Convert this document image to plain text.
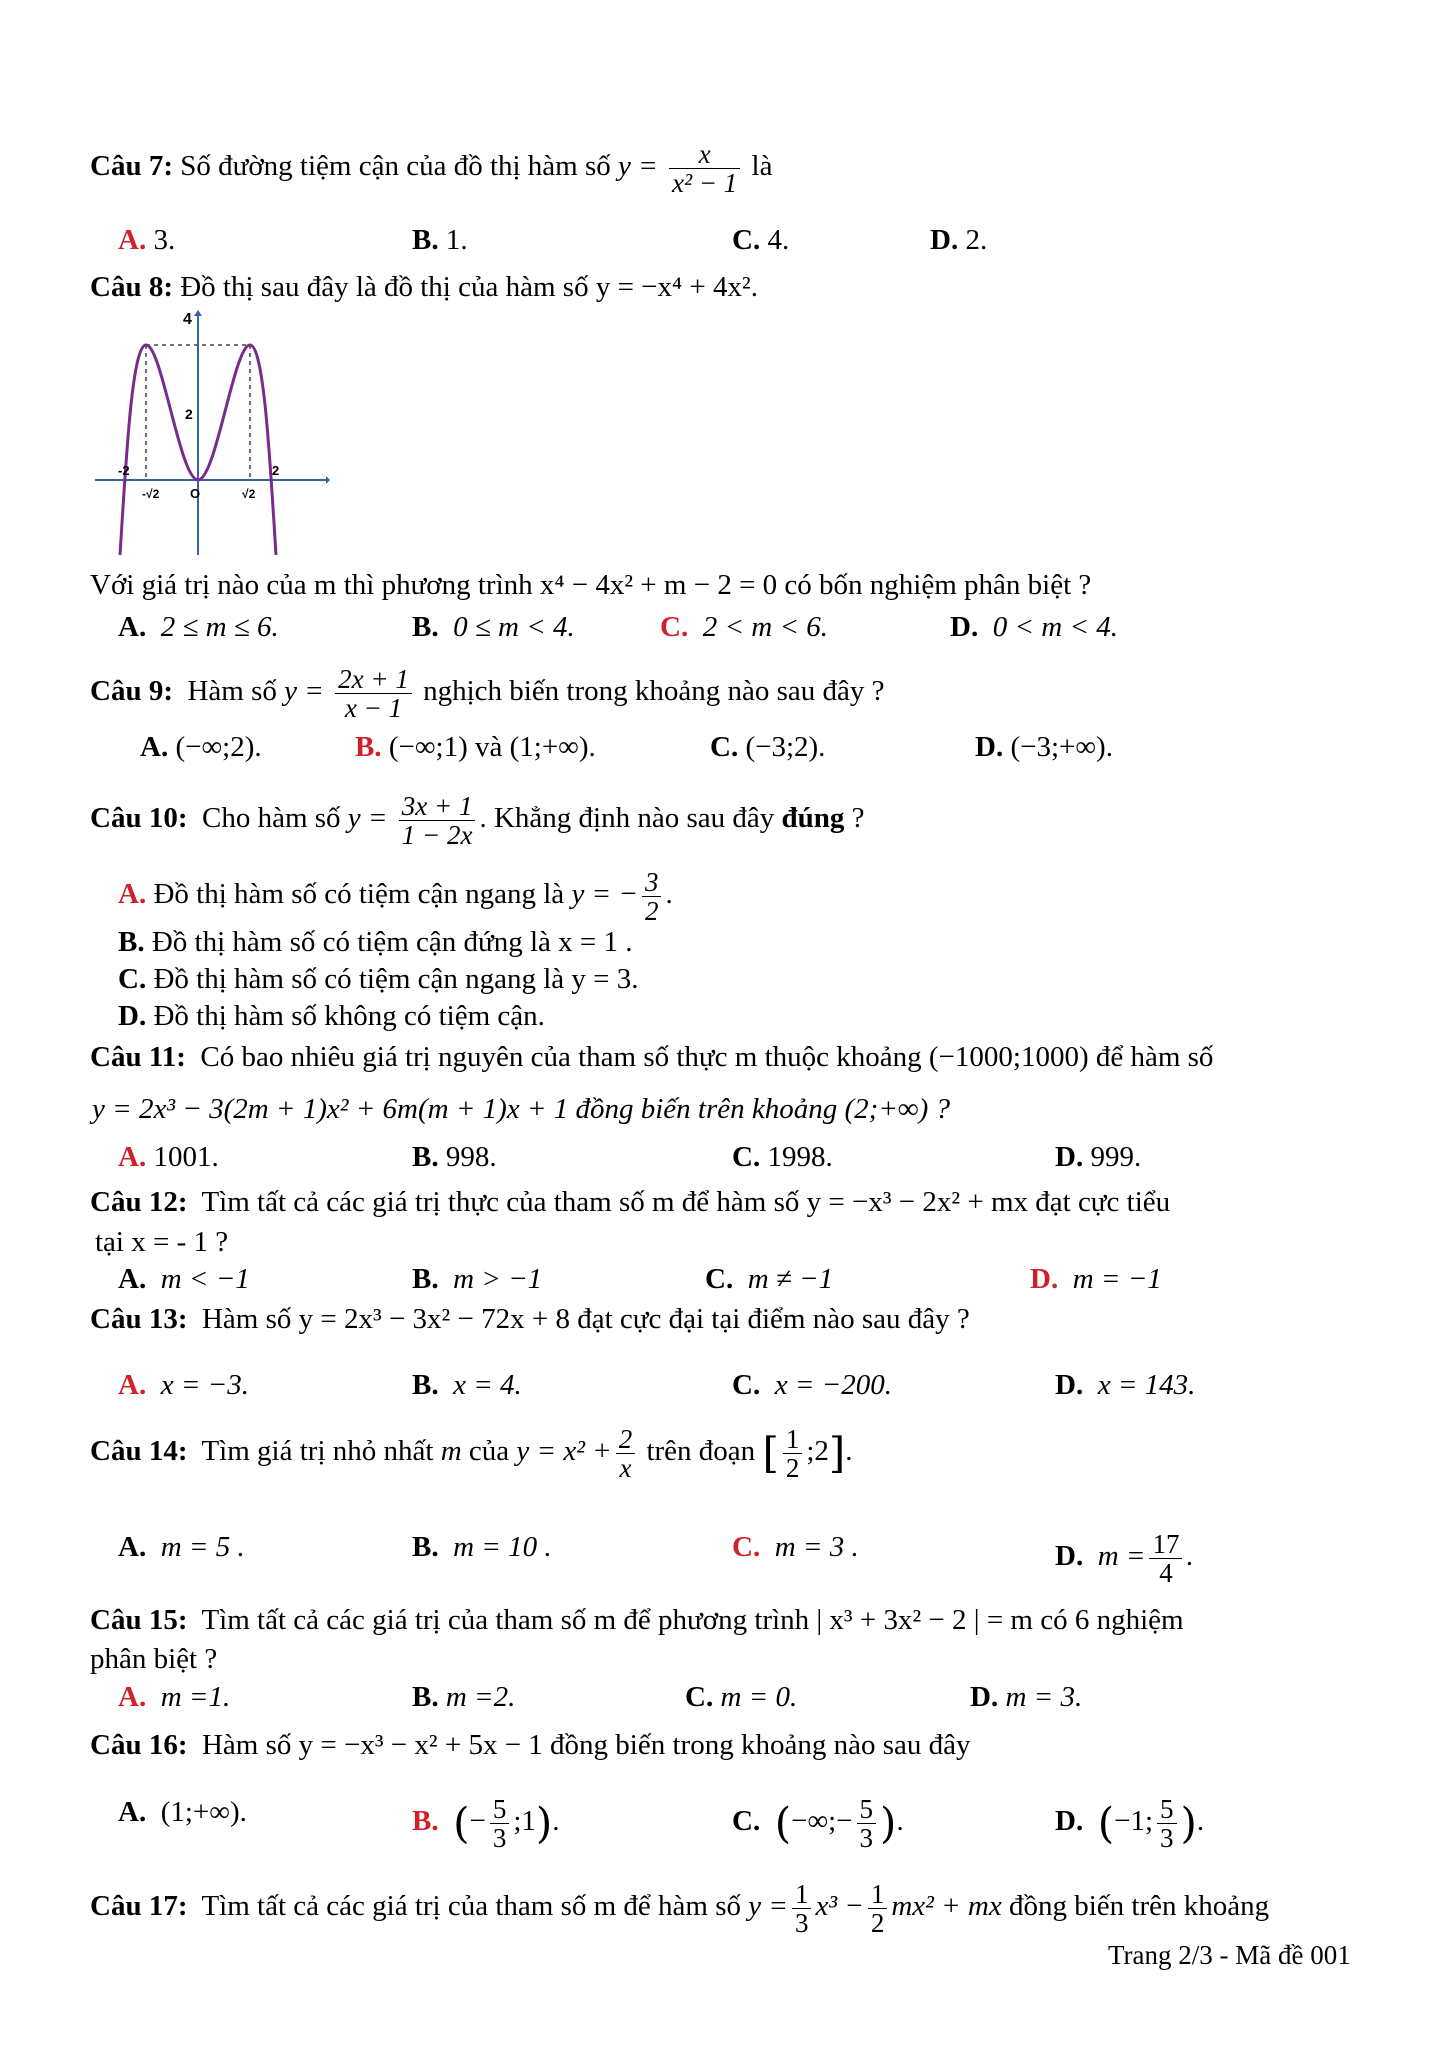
Câu 7: Số đường tiệm cận của đồ thị hàm số $y = \frac{x}{\text{x² − 1}}$ là
A. 3.	B. 1.	C. 4.	D. 2.
Câu 8: Đồ thị sau đây là đồ thị của hàm số y = −x⁴ + 4x².
4
2
-2	2
O
-√2	√2
Với giá trị nào của m thì phương trình x⁴ − 4x² + m − 2 = 0 có bốn nghiệm phân biệt ?
A. 2 ≤ m ≤ 6.	B. 0 ≤ m < 4.	C. 2 < m < 6.	D. 0 < m < 4.
Câu 9: Hàm số $y = \frac{2x + 1}{x - 1}$ nghịch biến trong khoảng nào sau đây ?
A. (−∞;2).	B. (−∞;1) và (1;+∞).	C. (−3;2).	D. (−3;+∞).
Câu 10: Cho hàm số $y = \frac{3x + 1}{1 - 2x}$ . Khẳng định nào sau đây đúng ?
A. Đồ thị hàm số có tiệm cận ngang là y = − $\frac{3}{2}$ .
B. Đồ thị hàm số có tiệm cận đứng là x = 1 .
C. Đồ thị hàm số có tiệm cận ngang là y = 3.
D. Đồ thị hàm số không có tiệm cận.
Câu 11: Có bao nhiêu giá trị nguyên của tham số thực m thuộc khoảng (−1000;1000) để hàm số
y = 2x³ − 3(2m + 1)x² + 6m(m + 1)x + 1 đồng biến trên khoảng (2;+∞) ?
A. 1001.	B. 998.	C. 1998.	D. 999.
Câu 12: Tìm tất cả các giá trị thực của tham số m để hàm số y = −x³ − 2x² + mx đạt cực tiểu
tại x = - 1 ?
A. m < −1	B. m > −1	C. m ≠ −1	D. m = −1
Câu 13: Hàm số y = 2x³ − 3x² − 72x + 8 đạt cực đại tại điểm nào sau đây ?
A. x = −3.	B. x = 4.	C. x = −200.	D. x = 143.
Câu 14: Tìm giá trị nhỏ nhất m của $y = x^2 + \frac{2}{x}$ trên đoạn [ $\frac{1}{2}$ ;2].
A. m = 5 .	B. m = 10 .	C. m = 3 .	D. $m = \frac{17}{4}$ .
Câu 15: Tìm tất cả các giá trị của tham số m để phương trình | x³ + 3x² − 2 | = m có 6 nghiệm
phân biệt ?
A. m =1.	B. m =2.	C. m = 0.	D. m = 3.
Câu 16: Hàm số y = −x³ − x² + 5x − 1 đồng biến trong khoảng nào sau đây
A. (1;+∞).	B. (− $\frac{5}{3}$ ;1).	C. (−∞;− $\frac{5}{3}$ ).	D. (−1; $\frac{5}{3}$ ).
Câu 17: Tìm tất cả các giá trị của tham số m để hàm số $y = \frac{1}{3} x^3 - \frac{1}{2} mx^2$ + mx đồng biến trên khoảng
Trang 2/3 - Mã đề 001
